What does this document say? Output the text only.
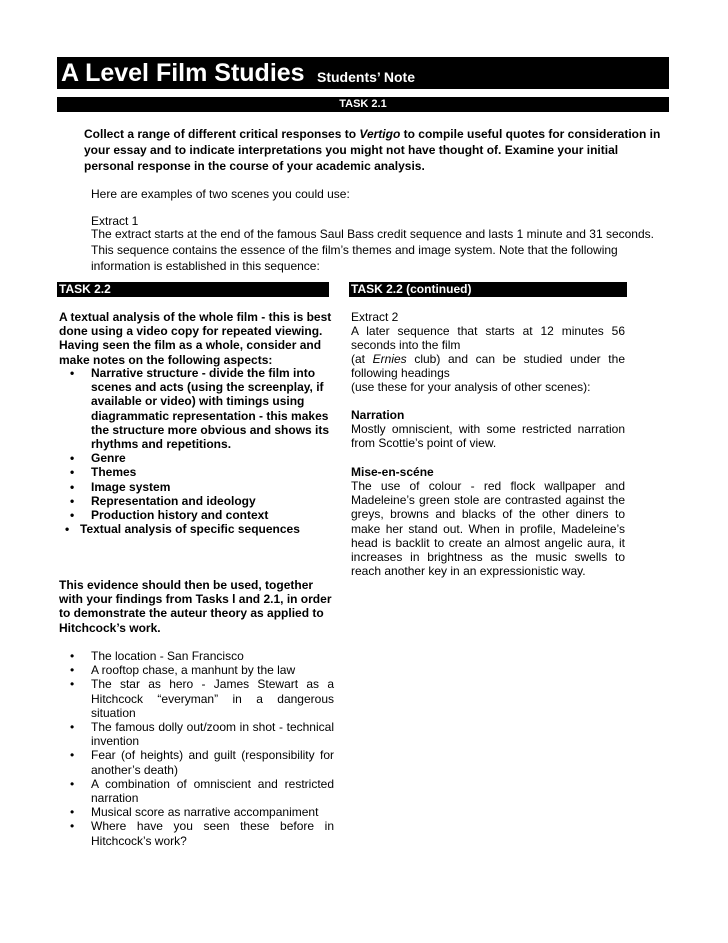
A Level Film Studies Students’ Note
TASK 2.1
Collect a range of different critical responses to Vertigo to compile useful quotes for consideration in your essay and to indicate interpretations you might not have thought of. Examine your initial personal response in the course of your academic analysis.
Here are examples of two scenes you could use:
Extract 1
The extract starts at the end of the famous Saul Bass credit sequence and lasts 1 minute and 31 seconds. This sequence contains the essence of the film’s themes and image system. Note that the following information is established in this sequence:
TASK 2.2	TASK 2.2 (continued)
A textual analysis of the whole film - this is best done using a video copy for repeated viewing. Having seen the film as a whole, consider and make notes on the following aspects:
• Narrative structure - divide the film into scenes and acts (using the screenplay, if available or video) with timings using diagrammatic representation - this makes the structure more obvious and shows its rhythms and repetitions.
• Genre
• Themes
• Image system
• Representation and ideology
• Production history and context
• Textual analysis of specific sequences
This evidence should then be used, together with your findings from Tasks l and 2.1, in order to demonstrate the auteur theory as applied to Hitchcock’s work.
• The location - San Francisco
• A rooftop chase, a manhunt by the law
• The star as hero - James Stewart as a Hitchcock “everyman” in a dangerous situation
• The famous dolly out/zoom in shot - technical invention
• Fear (of heights) and guilt (responsibility for another’s death)
• A combination of omniscient and restricted narration
• Musical score as narrative accompaniment
• Where have you seen these before in Hitchcock’s work?
Extract 2
A later sequence that starts at 12 minutes 56 seconds into the film
(at Ernies club) and can be studied under the following headings
(use these for your analysis of other scenes):
Narration
Mostly omniscient, with some restricted narration from Scottie’s point of view.
Mise-en-scéne
The use of colour - red flock wallpaper and Madeleine’s green stole are contrasted against the greys, browns and blacks of the other diners to make her stand out. When in profile, Madeleine’s head is backlit to create an almost angelic aura, it increases in brightness as the music swells to reach another key in an expressionistic way.
